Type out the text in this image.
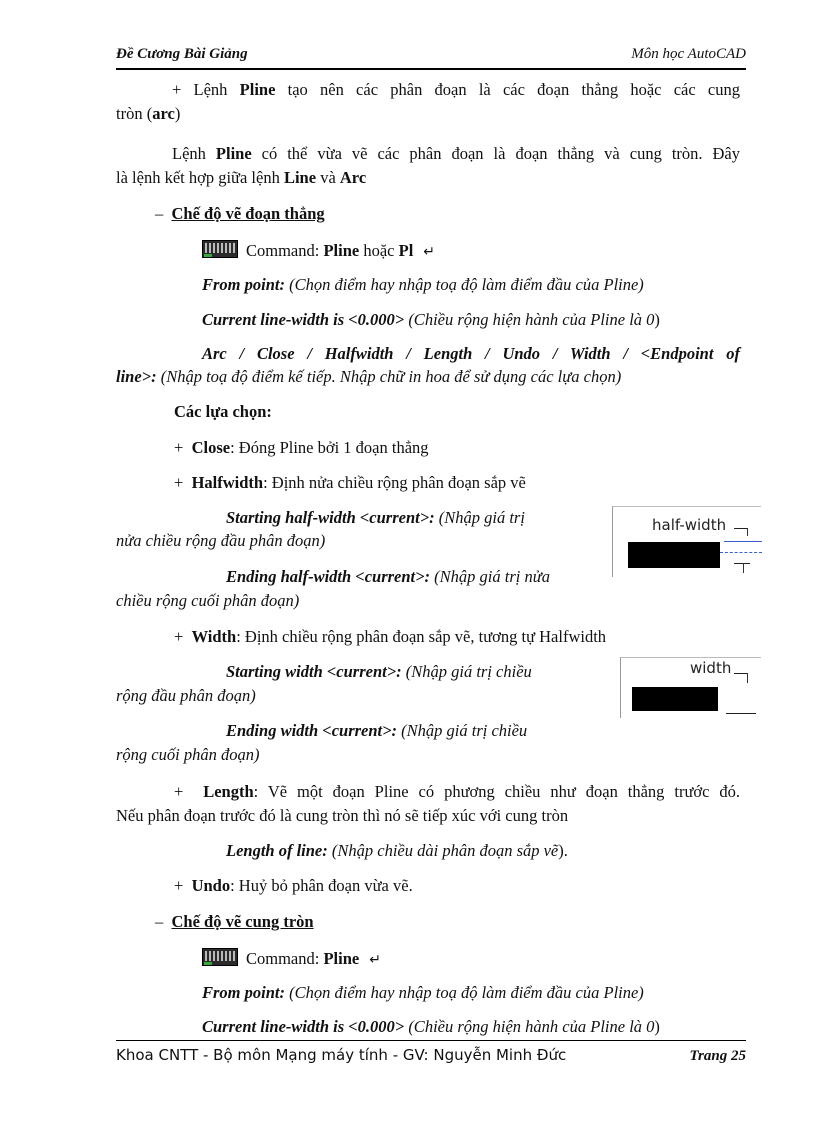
Đề Cương Bài Giảng	Môn học AutoCAD
+ Lệnh Pline tạo nên các phân đoạn là các đoạn thẳng hoặc các cung
tròn (arc)
Lệnh Pline có thể vừa vẽ các phân đoạn là đoạn thẳng và cung tròn. Đây
là lệnh kết hợp giữa lệnh Line và Arc
– Chế độ vẽ đoạn thẳng
Command: Pline hoặc Pl ↵
From point: (Chọn điểm hay nhập toạ độ làm điểm đầu của Pline)
Current line-width is <0.000> (Chiều rộng hiện hành của Pline là 0)
Arc / Close / Halfwidth / Length / Undo / Width / <Endpoint of
line>: (Nhập toạ độ điểm kế tiếp. Nhập chữ in hoa để sử dụng các lựa chọn)
Các lựa chọn:
+  Close: Đóng Pline bởi 1 đoạn thẳng
+  Halfwidth: Định nửa chiều rộng phân đoạn sắp vẽ
Starting half-width <current>: (Nhập giá trị
nửa chiều rộng đầu phân đoạn)
Ending half-width <current>: (Nhập giá trị nửa
chiều rộng cuối phân đoạn)
half-width
+  Width: Định chiều rộng phân đoạn sắp vẽ, tương tự Halfwidth
Starting width <current>: (Nhập giá trị chiều
rộng đầu phân đoạn)
Ending width <current>: (Nhập giá trị chiều
rộng cuối phân đoạn)
width
+  Length: Vẽ một đoạn Pline có phương chiều như đoạn thẳng trước đó.
Nếu phân đoạn trước đó là cung tròn thì nó sẽ tiếp xúc với cung tròn
Length of line: (Nhập chiều dài phân đoạn sắp vẽ).
+  Undo: Huỷ bỏ phân đoạn vừa vẽ.
– Chế độ vẽ cung tròn
Command: Pline ↵
From point: (Chọn điểm hay nhập toạ độ làm điểm đầu của Pline)
Current line-width is <0.000> (Chiều rộng hiện hành của Pline là 0)
Khoa CNTT - Bộ môn Mạng máy tính - GV: Nguyễn Minh Đức	Trang 25
